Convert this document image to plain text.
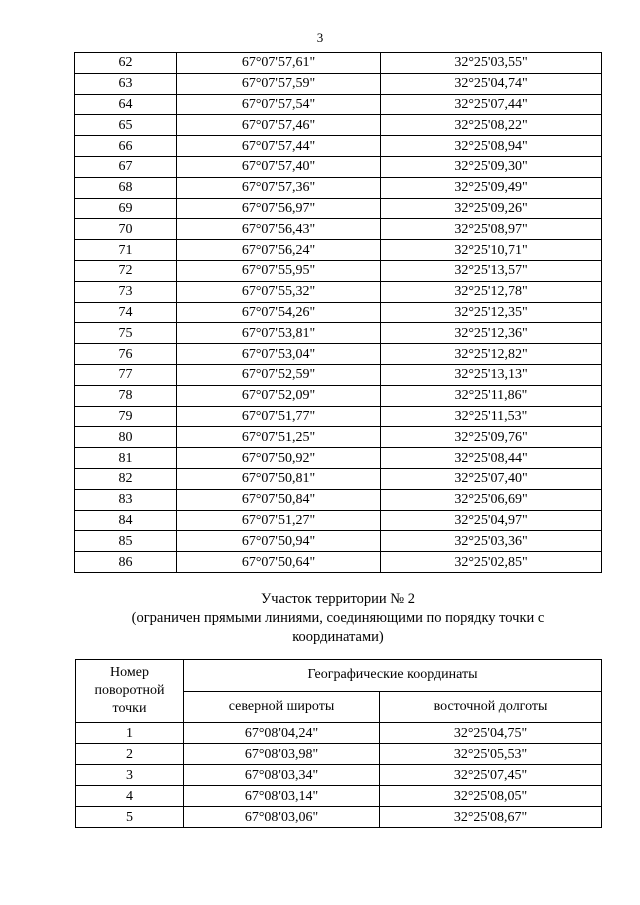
3
62	67°07'57,61"	32°25'03,55"
63	67°07'57,59"	32°25'04,74"
64	67°07'57,54"	32°25'07,44"
65	67°07'57,46"	32°25'08,22"
66	67°07'57,44"	32°25'08,94"
67	67°07'57,40"	32°25'09,30"
68	67°07'57,36"	32°25'09,49"
69	67°07'56,97"	32°25'09,26"
70	67°07'56,43"	32°25'08,97"
71	67°07'56,24"	32°25'10,71"
72	67°07'55,95"	32°25'13,57"
73	67°07'55,32"	32°25'12,78"
74	67°07'54,26"	32°25'12,35"
75	67°07'53,81"	32°25'12,36"
76	67°07'53,04"	32°25'12,82"
77	67°07'52,59"	32°25'13,13"
78	67°07'52,09"	32°25'11,86"
79	67°07'51,77"	32°25'11,53"
80	67°07'51,25"	32°25'09,76"
81	67°07'50,92"	32°25'08,44"
82	67°07'50,81"	32°25'07,40"
83	67°07'50,84"	32°25'06,69"
84	67°07'51,27"	32°25'04,97"
85	67°07'50,94"	32°25'03,36"
86	67°07'50,64"	32°25'02,85"
Участок территории № 2
(ограничен прямыми линиями, соединяющими по порядку точки с координатами)
Номер поворотной точки	Географические координаты	
	северной широты	восточной долготы
1	67°08'04,24"	32°25'04,75"
2	67°08'03,98"	32°25'05,53"
3	67°08'03,34"	32°25'07,45"
4	67°08'03,14"	32°25'08,05"
5	67°08'03,06"	32°25'08,67"
